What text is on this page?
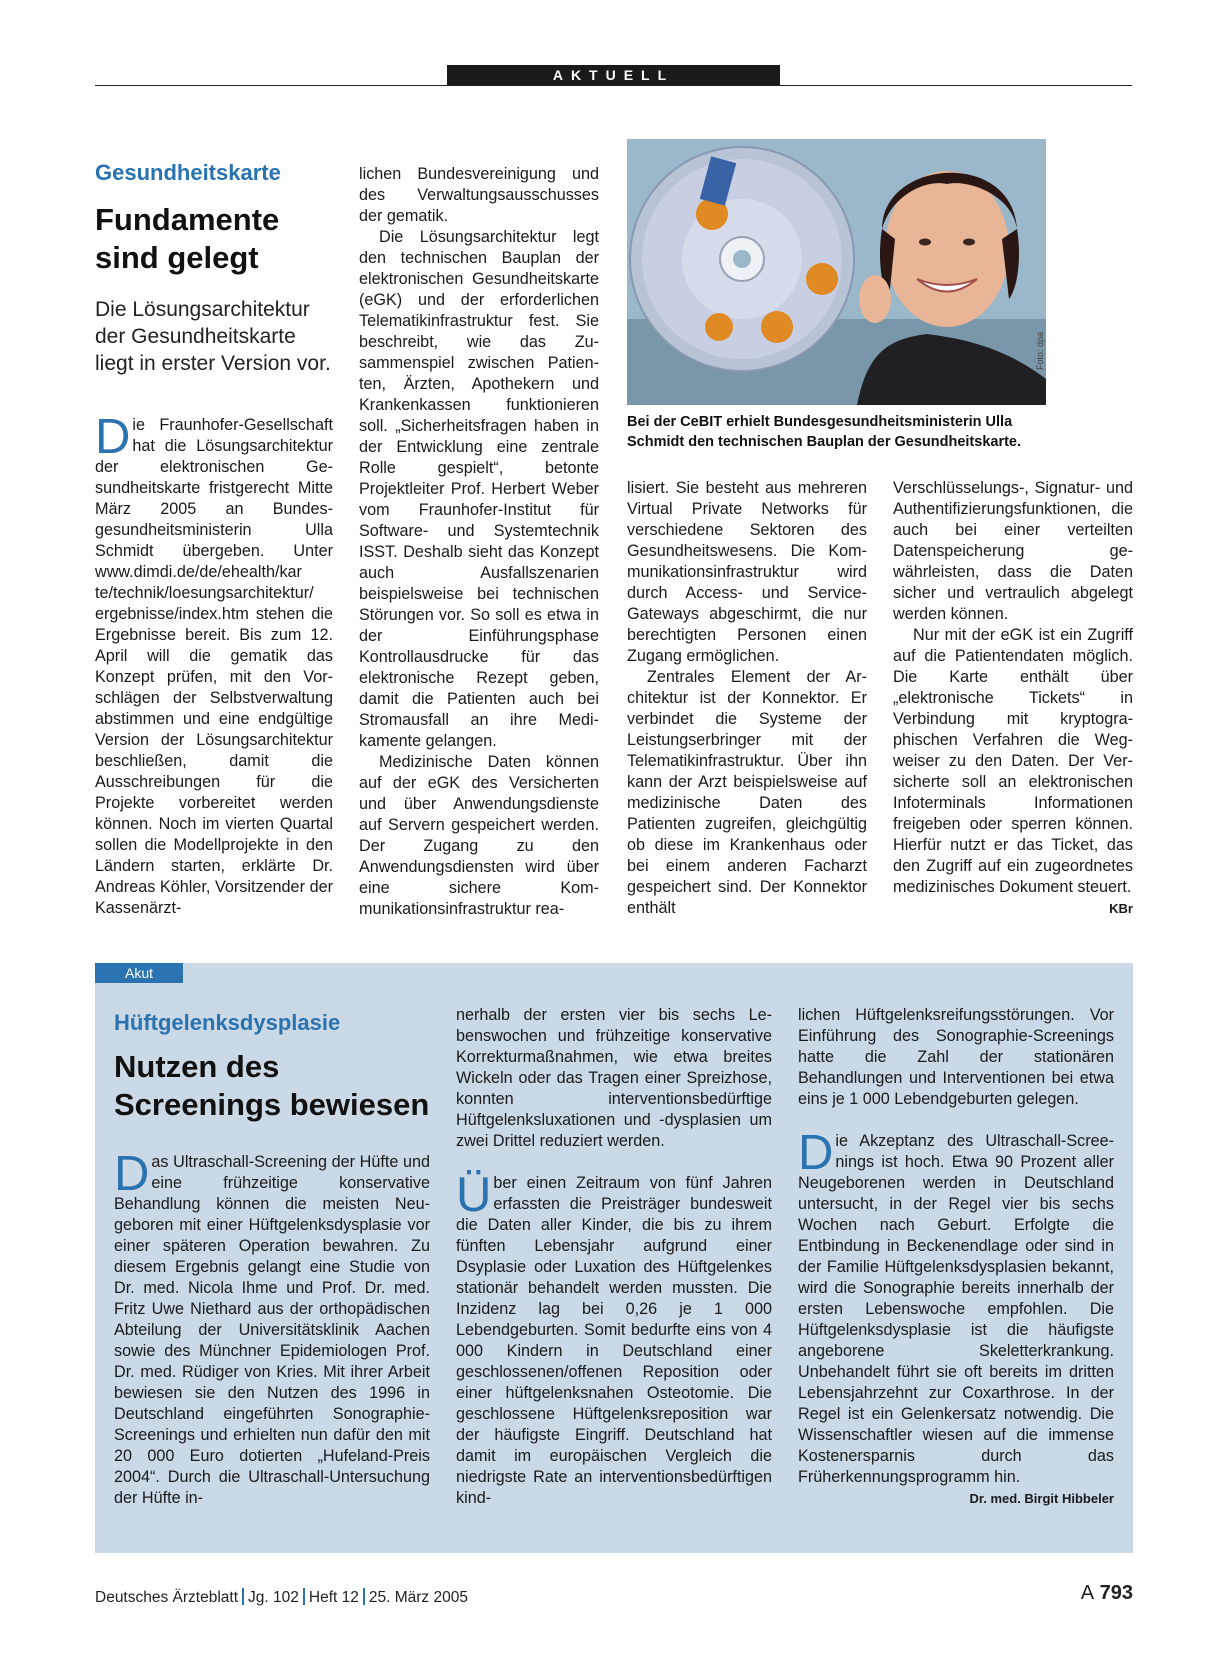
AKTUELL
Gesundheitskarte
Fundamente
sind gelegt
Die Lösungsarchitektur
der Gesundheitskarte
liegt in erster Version vor.

Die Fraunhofer-Gesellschaft hat die Lösungsarchitektur der elektronischen Gesundheitskarte fristgerecht Mitte März 2005 an Bundesgesundheitsministerin Ulla Schmidt übergeben. Unter www.dimdi.de/de/ehealth/kar te/technik/loesungsarchitektur/ ergebnisse/index.htm stehen die Ergebnisse bereit. Bis zum 12. April will die gematik das Konzept prüfen, mit den Vorschlägen der Selbstverwaltung abstimmen und eine endgültige Version der Lösungsarchitektur beschließen, damit die Ausschreibungen für die Projekte vorbereitet werden können. Noch im vierten Quartal sollen die Modellprojekte in den Ländern starten, erklärte Dr. Andreas Köhler, Vorsitzender der Kassenärzt-

lichen Bundesvereinigung und des Verwaltungsausschusses der gematik.

Die Lösungsarchitektur legt den technischen Bauplan der elektronischen Gesundheitskarte (eGK) und der erforderlichen Telematikinfrastruktur fest. Sie beschreibt, wie das Zusammenspiel zwischen Patienten, Ärzten, Apothekern und Krankenkassen funktionieren soll. „Sicherheitsfragen haben in der Entwicklung eine zentrale Rolle gespielt“, betonte Projektleiter Prof. Herbert Weber vom Fraunhofer-Institut für Software- und Systemtechnik ISST. Deshalb sieht das Konzept auch Ausfallszenarien beispielsweise bei technischen Störungen vor. So soll es etwa in der Einführungsphase Kontrollausdrucke für das elektronische Rezept geben, damit die Patienten auch bei Stromausfall an ihre Medikamente gelangen.

Medizinische Daten können auf der eGK des Versicherten und über Anwendungsdienste auf Servern gespeichert werden. Der Zugang zu den Anwendungsdiensten wird über eine sichere Kommunikationsinfrastruktur rea-

Foto: dpa
Bei der CeBIT erhielt Bundesgesundheitsministerin Ulla
Schmidt den technischen Bauplan der Gesundheitskarte.

lisiert. Sie besteht aus mehreren Virtual Private Networks für verschiedene Sektoren des Gesundheitswesens. Die Kommunikationsinfrastruktur wird durch Access- und Service-Gateways abgeschirmt, die nur berechtigten Personen einen Zugang ermöglichen.

Zentrales Element der Architektur ist der Konnektor. Er verbindet die Systeme der Leistungserbringer mit der Telematikinfrastruktur. Über ihn kann der Arzt beispielsweise auf medizinische Daten des Patienten zugreifen, gleichgültig ob diese im Krankenhaus oder bei einem anderen Facharzt gespeichert sind. Der Konnektor enthält

Verschlüsselungs-, Signatur- und Authentifizierungsfunktionen, die auch bei einer verteilten Datenspeicherung gewährleisten, dass die Daten sicher und vertraulich abgelegt werden können.

Nur mit der eGK ist ein Zugriff auf die Patientendaten möglich. Die Karte enthält über „elektronische Tickets“ in Verbindung mit kryptographischen Verfahren die Wegweiser zu den Daten. Der Versicherte soll an elektronischen Infoterminals Informationen freigeben oder sperren können. Hierfür nutzt er das Ticket, das den Zugriff auf ein zugeordnetes medizinisches Dokument steuert.
KBr

Akut
Hüftgelenksdysplasie
Nutzen des
Screenings bewiesen

Das Ultraschall-Screening der Hüfte und eine frühzeitige konservative Behandlung können die meisten Neugeboren mit einer Hüftgelenksdysplasie vor einer späteren Operation bewahren. Zu diesem Ergebnis gelangt eine Studie von Dr. med. Nicola Ihme und Prof. Dr. med. Fritz Uwe Niethard aus der orthopädischen Abteilung der Universitätsklinik Aachen sowie des Münchner Epidemiologen Prof. Dr. med. Rüdiger von Kries. Mit ihrer Arbeit bewiesen sie den Nutzen des 1996 in Deutschland eingeführten Sonographie-Screenings und erhielten nun dafür den mit 20 000 Euro dotierten „Hufeland-Preis 2004“. Durch die Ultraschall-Untersuchung der Hüfte in-

nerhalb der ersten vier bis sechs Lebenswochen und frühzeitige konservative Korrekturmaßnahmen, wie etwa breites Wickeln oder das Tragen einer Spreizhose, konnten interventionsbedürftige Hüftgelenksluxationen und -dysplasien um zwei Drittel reduziert werden.

Über einen Zeitraum von fünf Jahren erfassten die Preisträger bundesweit die Daten aller Kinder, die bis zu ihrem fünften Lebensjahr aufgrund einer Dsyplasie oder Luxation des Hüftgelenkes stationär behandelt werden mussten. Die Inzidenz lag bei 0,26 je 1 000 Lebendgeburten. Somit bedurfte eins von 4 000 Kindern in Deutschland einer geschlossenen/offenen Reposition oder einer hüftgelenksnahen Osteotomie. Die geschlossene Hüftgelenksreposition war der häufigste Eingriff. Deutschland hat damit im europäischen Vergleich die niedrigste Rate an interventionsbedürftigen kind-

lichen Hüftgelenksreifungsstörungen. Vor Einführung des Sonographie-Screenings hatte die Zahl der stationären Behandlungen und Interventionen bei etwa eins je 1 000 Lebendgeburten gelegen.

Die Akzeptanz des Ultraschall-Screenings ist hoch. Etwa 90 Prozent aller Neugeborenen werden in Deutschland untersucht, in der Regel vier bis sechs Wochen nach Geburt. Erfolgte die Entbindung in Beckenendlage oder sind in der Familie Hüftgelenksdysplasien bekannt, wird die Sonographie bereits innerhalb der ersten Lebenswoche empfohlen. Die Hüftgelenksdysplasie ist die häufigste angeborene Skeletterkrankung. Unbehandelt führt sie oft bereits im dritten Lebensjahrzehnt zur Coxarthrose. In der Regel ist ein Gelenkersatz notwendig. Die Wissenschaftler wiesen auf die immense Kostenersparnis durch das Früherkennungsprogramm hin.
Dr. med. Birgit Hibbeler

Deutsches Ärzteblatt Jg. 102 Heft 12 25. März 2005	A 793
